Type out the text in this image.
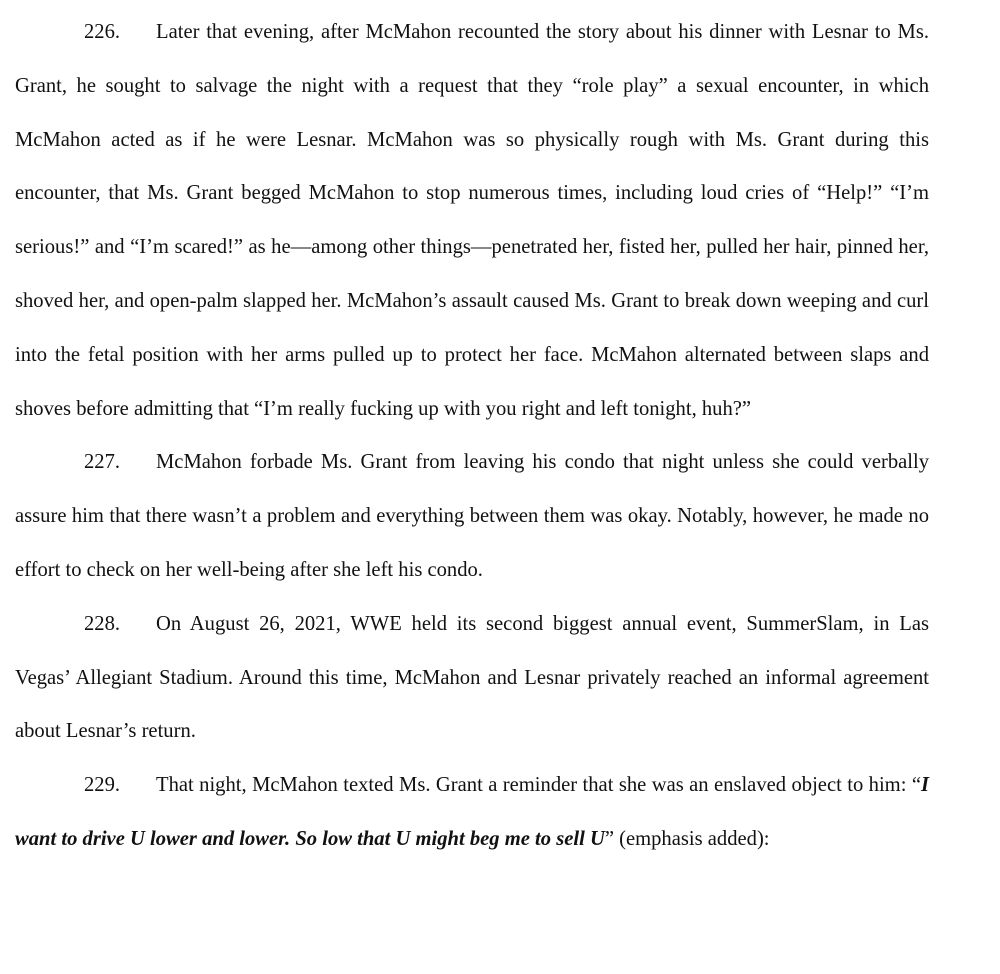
226. Later that evening, after McMahon recounted the story about his dinner with Lesnar to Ms. Grant, he sought to salvage the night with a request that they “role play” a sexual encounter, in which McMahon acted as if he were Lesnar. McMahon was so physically rough with Ms. Grant during this encounter, that Ms. Grant begged McMahon to stop numerous times, including loud cries of “Help!” “I’m serious!” and “I’m scared!” as he—among other things—penetrated her, fisted her, pulled her hair, pinned her, shoved her, and open-palm slapped her. McMahon’s assault caused Ms. Grant to break down weeping and curl into the fetal position with her arms pulled up to protect her face. McMahon alternated between slaps and shoves before admitting that “I’m really fucking up with you right and left tonight, huh?”

227. McMahon forbade Ms. Grant from leaving his condo that night unless she could verbally assure him that there wasn’t a problem and everything between them was okay. Notably, however, he made no effort to check on her well-being after she left his condo.

228. On August 26, 2021, WWE held its second biggest annual event, SummerSlam, in Las Vegas’ Allegiant Stadium. Around this time, McMahon and Lesnar privately reached an informal agreement about Lesnar’s return.

229. That night, McMahon texted Ms. Grant a reminder that she was an enslaved object to him: “I want to drive U lower and lower. So low that U might beg me to sell U” (emphasis added):
